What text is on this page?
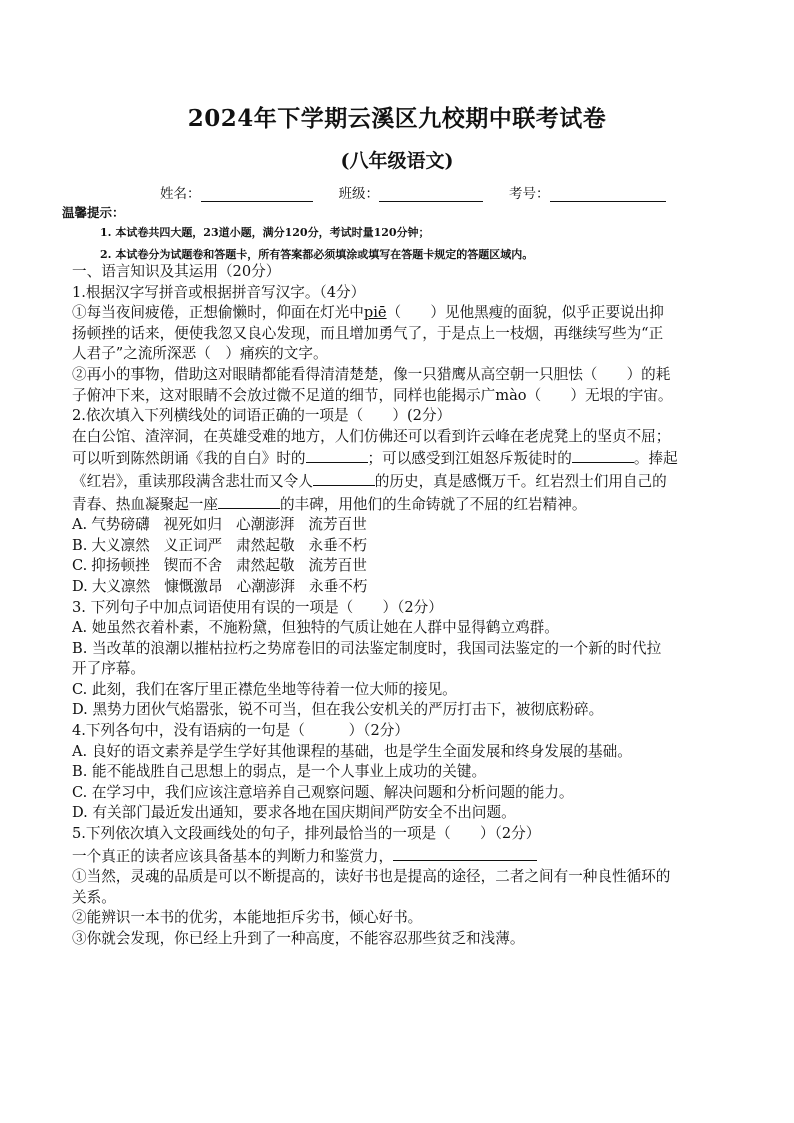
2024年下学期云溪区九校期中联考试卷
(八年级语文)
姓名：	班级：	考号：
温馨提示：
1. 本试卷共四大题，23道小题，满分120分，考试时量120分钟；
2. 本试卷分为试题卷和答题卡，所有答案都必须填涂或填写在答题卡规定的答题区域内。

一、语言知识及其运用（20分）

1.根据汉字写拼音或根据拼音写汉字。（4分）

①每当夜间疲倦，正想偷懒时，仰面在灯光中piē（　　）见他黑瘦的面貌，似乎正要说出抑

扬顿挫的话来，便使我忽又良心发现，而且增加勇气了，于是点上一枝烟，再继续写些为“正

人君子”之流所深恶（　）痛疾的文字。

②再小的事物，借助这对眼睛都能看得清清楚楚，像一只猎鹰从高空朝一只胆怯（　　）的耗

子俯冲下来，这对眼睛不会放过微不足道的细节，同样也能揭示广mào（　　）无垠的宇宙。

2.依次填入下列横线处的词语正确的一项是（　　）(2分）

在白公馆、渣滓洞，在英雄受难的地方，人们仿佛还可以看到许云峰在老虎凳上的坚贞不屈；

可以听到陈然朗诵《我的自白》时的	；可以感受到江姐怒斥叛徒时的	。捧起

《红岩》，重读那段满含悲壮而又令人	的历史，真是感慨万千。红岩烈士们用自己的

青春、热血凝聚起一座	的丰碑，用他们的生命铸就了不屈的红岩精神。

A. 气势磅礴 视死如归 心潮澎湃 流芳百世

B. 大义凛然 义正词严 肃然起敬 永垂不朽

C. 抑扬顿挫 锲而不舍 肃然起敬 流芳百世

D. 大义凛然 慷慨激昂 心潮澎湃 永垂不朽

3. 下列句子中加点词语使用有误的一项是（　　）（2分）

A. 她虽然衣着朴素，不施粉黛，但独特的气质让她在人群中显得鹤立鸡群。

B. 当改革的浪潮以摧枯拉朽之势席卷旧的司法鉴定制度时，我国司法鉴定的一个新的时代拉

开了序幕。

C. 此刻，我们在客厅里正襟危坐地等待着一位大师的接见。

D. 黑势力团伙气焰嚣张，锐不可当，但在我公安机关的严厉打击下，被彻底粉碎。

4.下列各句中，没有语病的一句是（　　　）（2分）

A. 良好的语文素养是学生学好其他课程的基础，也是学生全面发展和终身发展的基础。

B. 能不能战胜自己思想上的弱点，是一个人事业上成功的关键。

C. 在学习中，我们应该注意培养自己观察问题、解决问题和分析问题的能力。

D. 有关部门最近发出通知，要求各地在国庆期间严防安全不出问题。

5.下列依次填入文段画线处的句子，排列最恰当的一项是（　　）（2分）

一个真正的读者应该具备基本的判断力和鉴赏力，

①当然，灵魂的品质是可以不断提高的，读好书也是提高的途径，二者之间有一种良性循环的

关系。

②能辨识一本书的优劣，本能地拒斥劣书，倾心好书。

③你就会发现，你已经上升到了一种高度，不能容忍那些贫乏和浅薄。
